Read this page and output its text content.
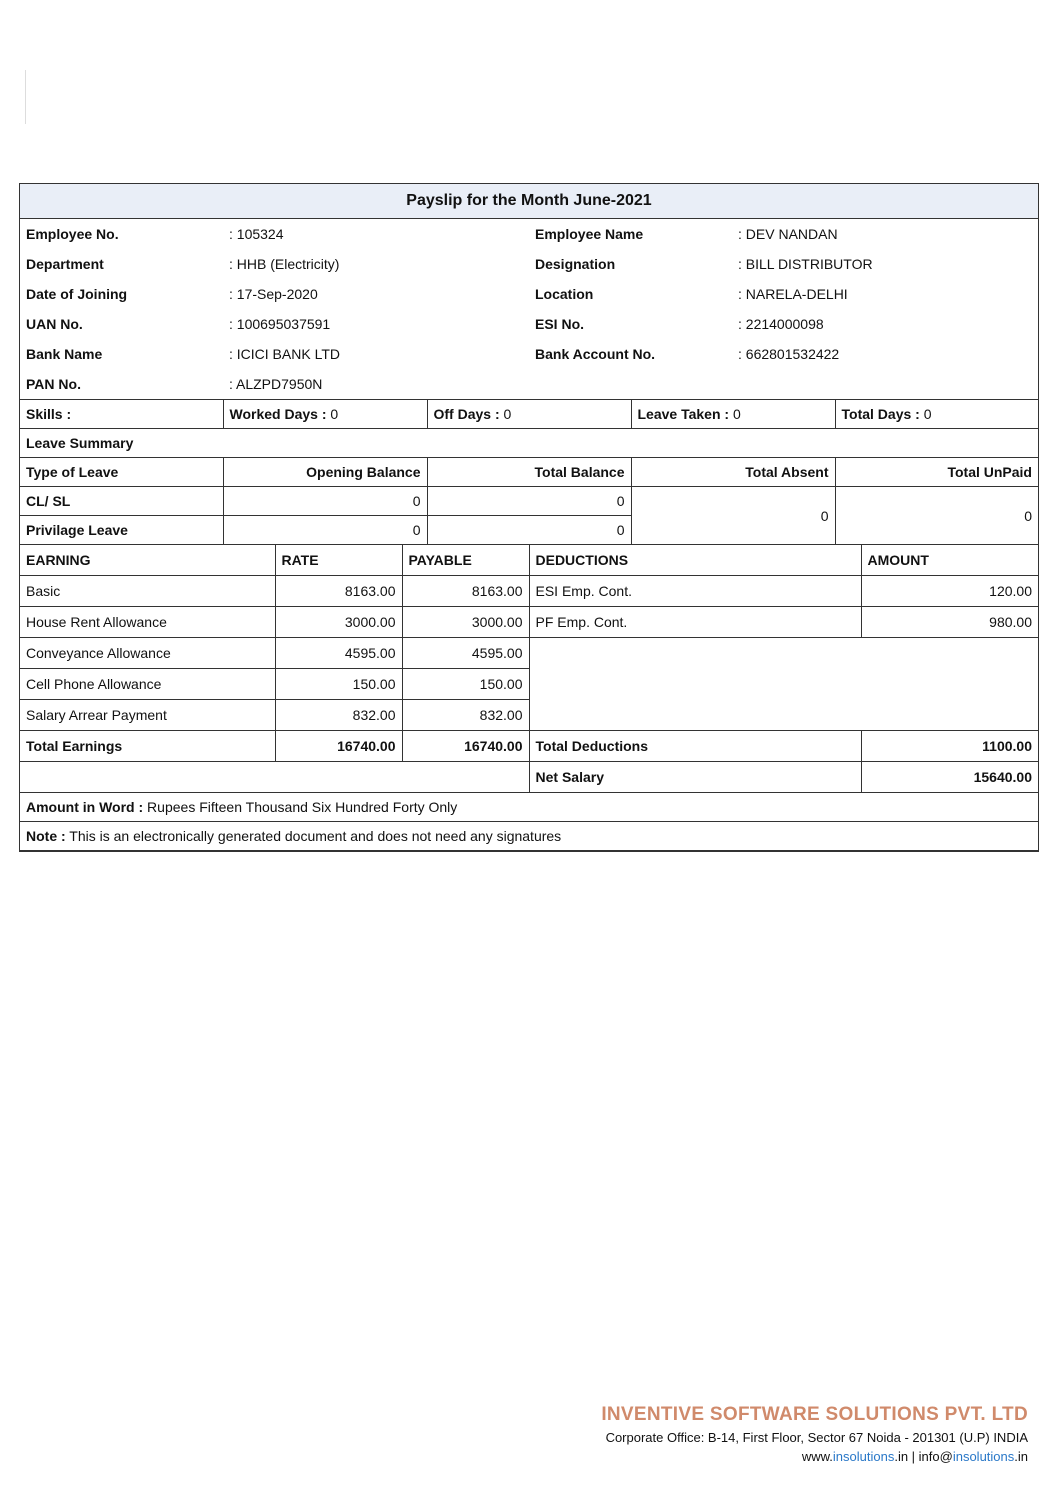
Payslip for the Month June-2021
Employee No.	: 105324	Employee Name	: DEV NANDAN
Department	: HHB (Electricity)	Designation	: BILL DISTRIBUTOR
Date of Joining	: 17-Sep-2020	Location	: NARELA-DELHI
UAN No.	: 100695037591	ESI No.	: 2214000098
Bank Name	: ICICI BANK LTD	Bank Account No.	: 662801532422
PAN No.	: ALZPD7950N		
Skills :	Worked Days : 0	Off Days : 0	Leave Taken : 0	Total Days : 0
Leave Summary				
Type of Leave	Opening Balance	Total Balance	Total Absent	Total UnPaid
CL/ SL	0	0	0	0
Privilage Leave	0	0		
EARNING	RATE	PAYABLE	DEDUCTIONS	AMOUNT
Basic	8163.00	8163.00	ESI Emp. Cont.	120.00
House Rent Allowance	3000.00	3000.00	PF Emp. Cont.	980.00
Conveyance Allowance	4595.00	4595.00		
Cell Phone Allowance	150.00	150.00		
Salary Arrear Payment	832.00	832.00		
Total Earnings	16740.00	16740.00	Total Deductions	1100.00
			Net Salary	15640.00
Amount in Word : Rupees Fifteen Thousand Six Hundred Forty Only
Note : This is an electronically generated document and does not need any signatures
INVENTIVE SOFTWARE SOLUTIONS PVT. LTD
Corporate Office: B-14, First Floor, Sector 67 Noida - 201301 (U.P) INDIA
www.insolutions.in | info@insolutions.in
